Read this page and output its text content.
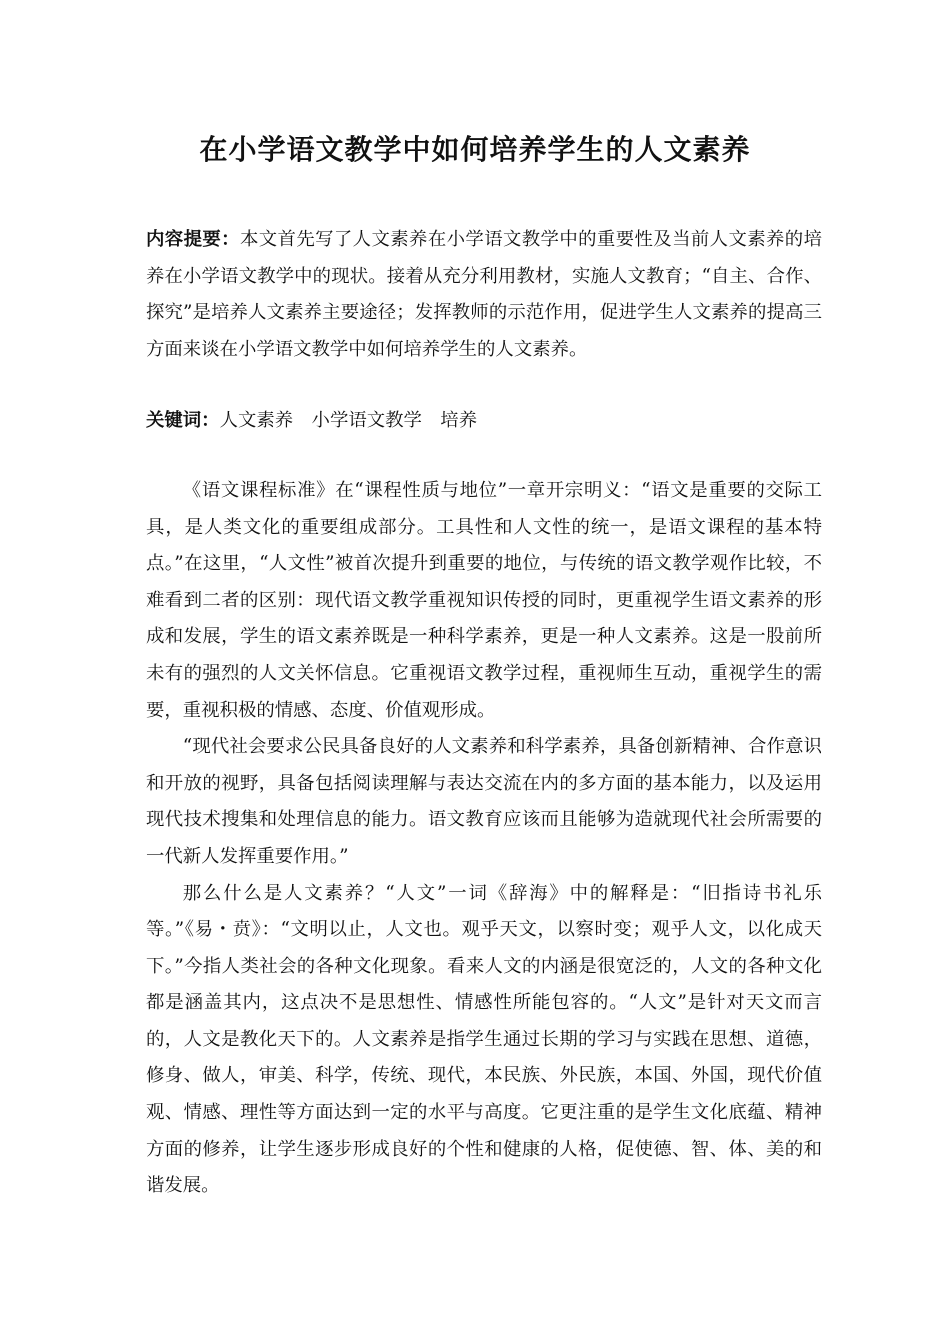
在小学语文教学中如何培养学生的人文素养

内容提要：本文首先写了人文素养在小学语文教学中的重要性及当前人文素养的培养在小学语文教学中的现状。接着从充分利用教材，实施人文教育；“自主、合作、探究”是培养人文素养主要途径；发挥教师的示范作用，促进学生人文素养的提高三方面来谈在小学语文教学中如何培养学生的人文素养。

关键词：人文素养 小学语文教学 培养

《语文课程标准》在“课程性质与地位”一章开宗明义：“语文是重要的交际工具，是人类文化的重要组成部分。工具性和人文性的统一，是语文课程的基本特点。”在这里，“人文性”被首次提升到重要的地位，与传统的语文教学观作比较，不难看到二者的区别：现代语文教学重视知识传授的同时，更重视学生语文素养的形成和发展，学生的语文素养既是一种科学素养，更是一种人文素养。这是一股前所未有的强烈的人文关怀信息。它重视语文教学过程，重视师生互动，重视学生的需要，重视积极的情感、态度、价值观形成。

“现代社会要求公民具备良好的人文素养和科学素养，具备创新精神、合作意识和开放的视野，具备包括阅读理解与表达交流在内的多方面的基本能力，以及运用现代技术搜集和处理信息的能力。语文教育应该而且能够为造就现代社会所需要的一代新人发挥重要作用。”

那么什么是人文素养？“人文”一词《辞海》中的解释是：“旧指诗书礼乐等。”《易・贲》：“文明以止，人文也。观乎天文，以察时变；观乎人文，以化成天下。”今指人类社会的各种文化现象。看来人文的内涵是很宽泛的，人文的各种文化都是涵盖其内，这点决不是思想性、情感性所能包容的。“人文”是针对天文而言的，人文是教化天下的。人文素养是指学生通过长期的学习与实践在思想、道德，修身、做人，审美、科学，传统、现代，本民族、外民族，本国、外国，现代价值观、情感、理性等方面达到一定的水平与高度。它更注重的是学生文化底蕴、精神方面的修养，让学生逐步形成良好的个性和健康的人格，促使德、智、体、美的和谐发展。
